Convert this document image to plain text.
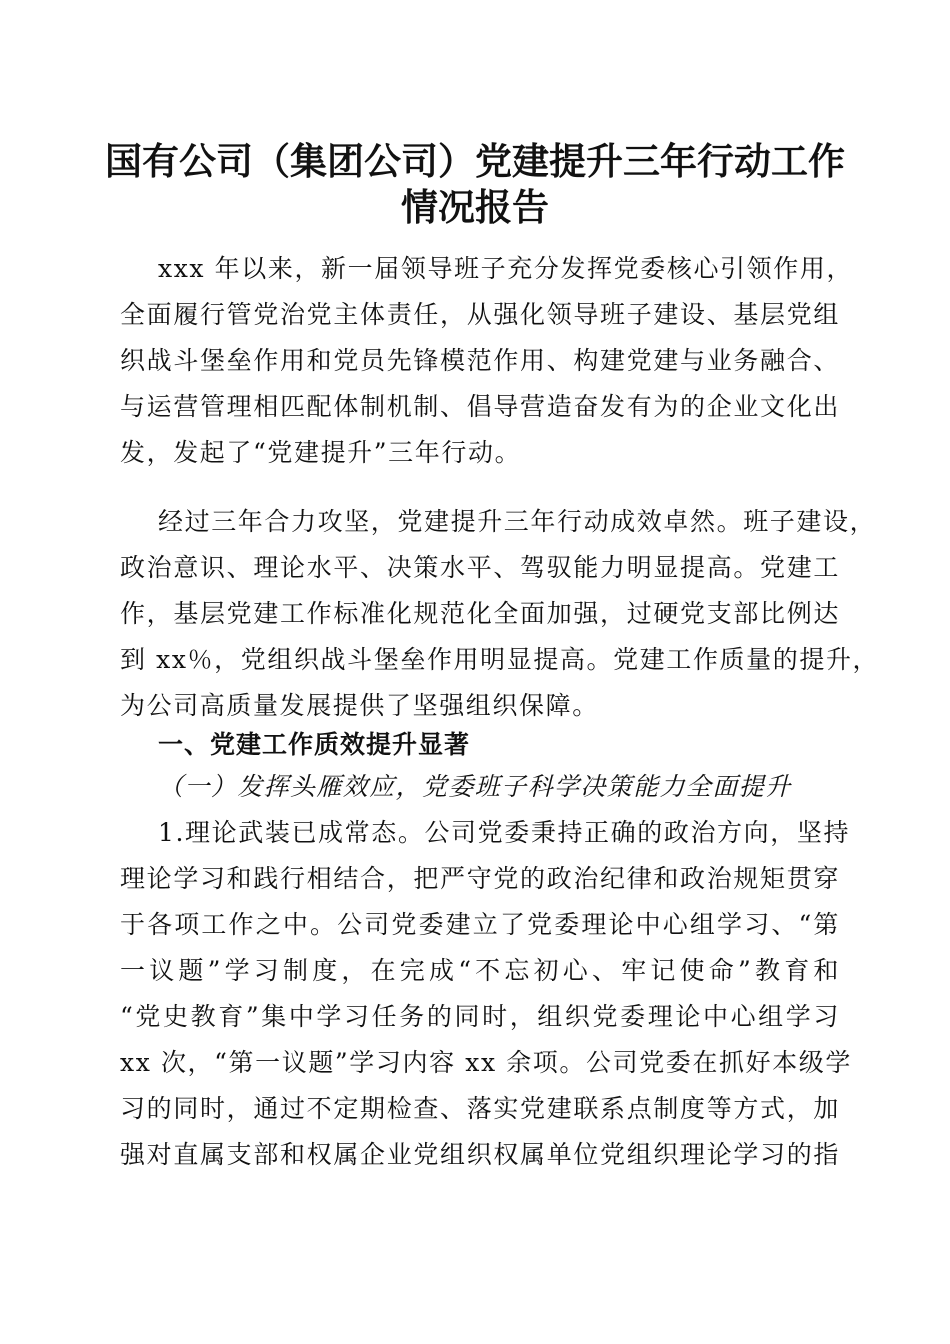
国有公司（集团公司）党建提升三年行动工作
情况报告

xxx 年以来，新一届领导班子充分发挥党委核心引领作用，

全面履行管党治党主体责任，从强化领导班子建设、基层党组

织战斗堡垒作用和党员先锋模范作用、构建党建与业务融合、

与运营管理相匹配体制机制、倡导营造奋发有为的企业文化出

发，发起了“党建提升”三年行动。

经过三年合力攻坚，党建提升三年行动成效卓然。班子建设，

政治意识、理论水平、决策水平、驾驭能力明显提高。党建工

作，基层党建工作标准化规范化全面加强，过硬党支部比例达

到 xx％，党组织战斗堡垒作用明显提高。党建工作质量的提升，

为公司高质量发展提供了坚强组织保障。

一、党建工作质效提升显著
（一）发挥头雁效应，党委班子科学决策能力全面提升

1.理论武装已成常态。公司党委秉持正确的政治方向，坚持

理论学习和践行相结合，把严守党的政治纪律和政治规矩贯穿

于各项工作之中。公司党委建立了党委理论中心组学习、“第

一议题”学习制度，在完成“不忘初心、牢记使命”教育和

“党史教育”集中学习任务的同时，组织党委理论中心组学习

xx 次，“第一议题”学习内容 xx 余项。公司党委在抓好本级学

习的同时，通过不定期检查、落实党建联系点制度等方式，加

强对直属支部和权属企业党组织权属单位党组织理论学习的指
